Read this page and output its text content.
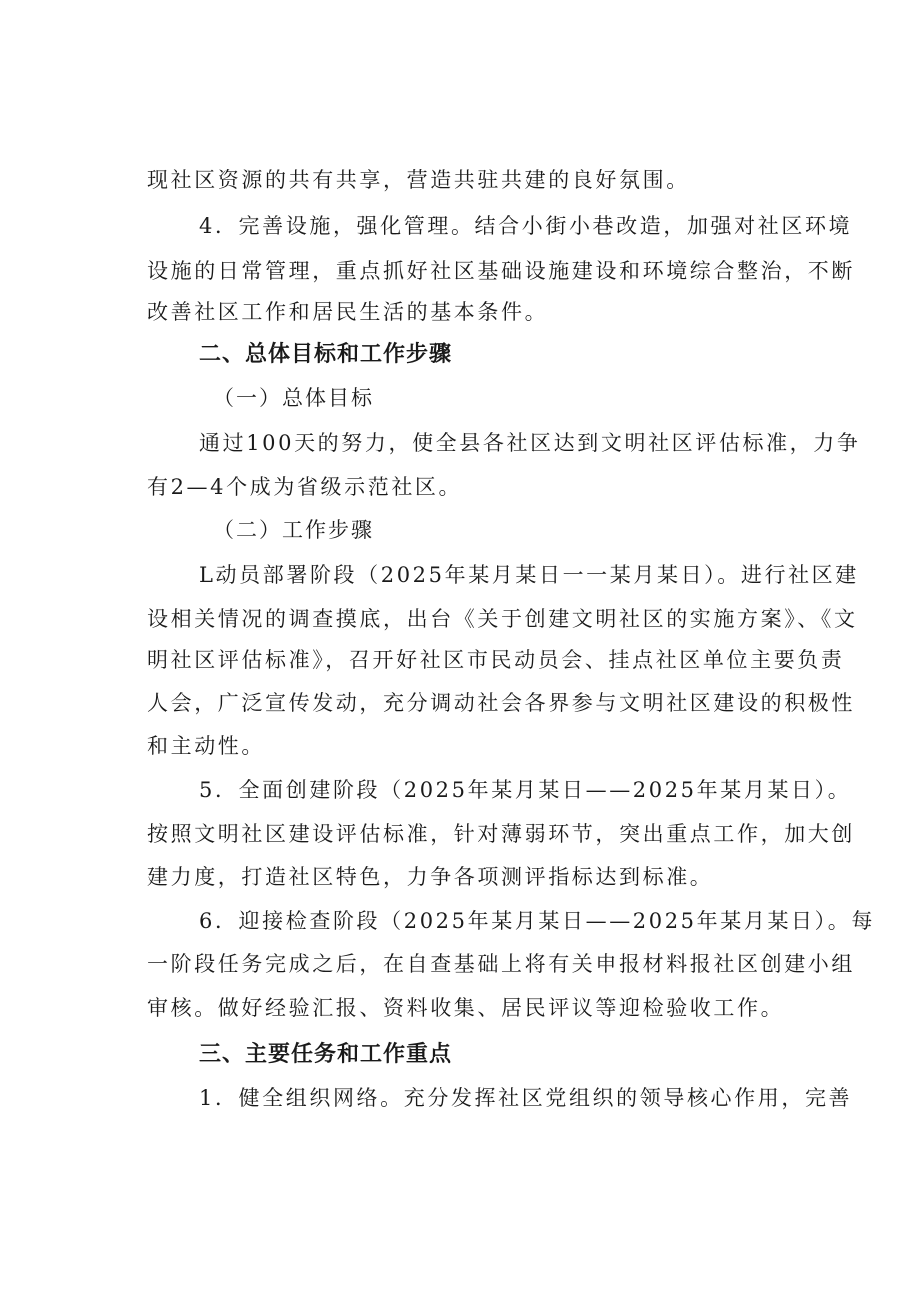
现社区资源的共有共享，营造共驻共建的良好氛围。

4．完善设施，强化管理。结合小街小巷改造，加强对社区环境

设施的日常管理，重点抓好社区基础设施建设和环境综合整治，不断

改善社区工作和居民生活的基本条件。

二、总体目标和工作步骤

（一）总体目标

通过100天的努力，使全县各社区达到文明社区评估标准，力争

有2—4个成为省级示范社区。

（二）工作步骤

L动员部署阶段（2025年某月某日一一某月某日）。进行社区建

设相关情况的调查摸底，出台《关于创建文明社区的实施方案》、《文

明社区评估标准》，召开好社区市民动员会、挂点社区单位主要负责

人会，广泛宣传发动，充分调动社会各界参与文明社区建设的积极性

和主动性。

5．全面创建阶段（2025年某月某日——2025年某月某日）。

按照文明社区建设评估标准，针对薄弱环节，突出重点工作，加大创

建力度，打造社区特色，力争各项测评指标达到标准。

6．迎接检查阶段（2025年某月某日——2025年某月某日）。每

一阶段任务完成之后，在自查基础上将有关申报材料报社区创建小组

审核。做好经验汇报、资料收集、居民评议等迎检验收工作。

三、主要任务和工作重点

1．健全组织网络。充分发挥社区党组织的领导核心作用，完善
